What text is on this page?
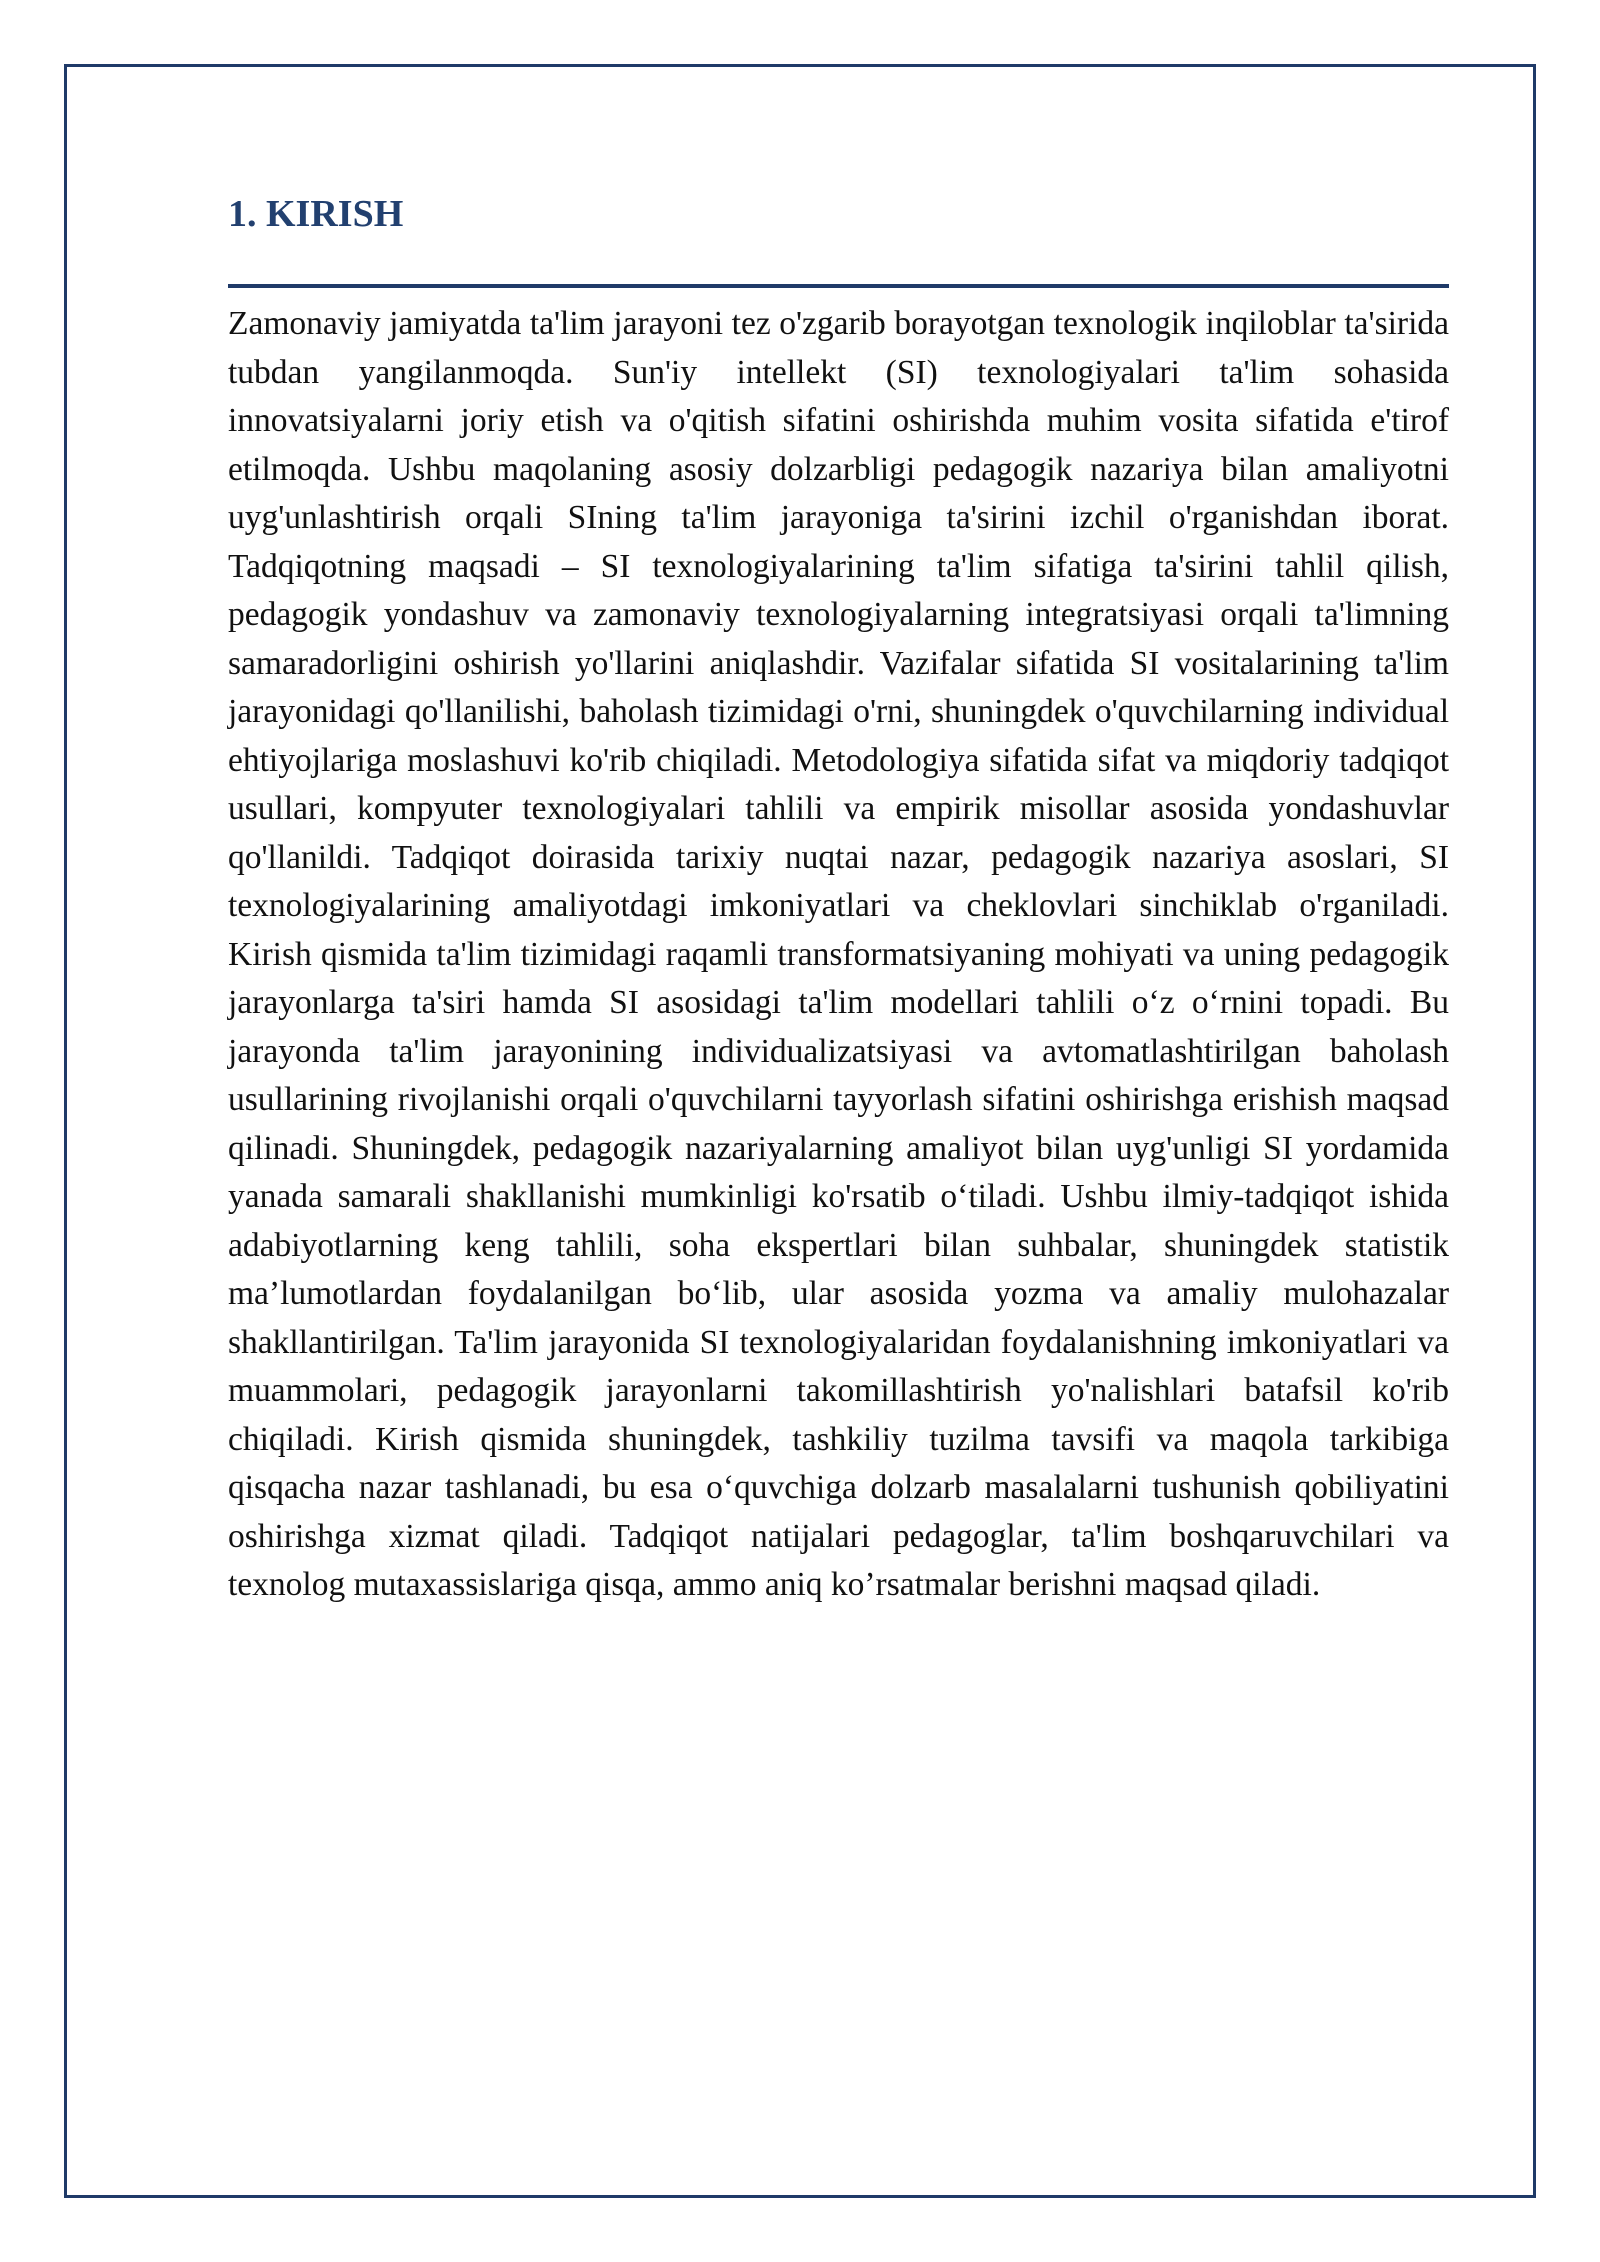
1. KIRISH

Zamonaviy jamiyatda ta'lim jarayoni tez o'zgarib borayotgan texnologik inqiloblar ta'sirida tubdan yangilanmoqda. Sun'iy intellekt (SI) texnologiyalari ta'lim sohasida innovatsiyalarni joriy etish va o'qitish sifatini oshirishda muhim vosita sifatida e'tirof etilmoqda. Ushbu maqolaning asosiy dolzarbligi pedagogik nazariya bilan amaliyotni uyg'unlashtirish orqali SIning ta'lim jarayoniga ta'sirini izchil o'rganishdan iborat. Tadqiqotning maqsadi – SI texnologiyalarining ta'lim sifatiga ta'sirini tahlil qilish, pedagogik yondashuv va zamonaviy texnologiyalarning integratsiyasi orqali ta'limning samaradorligini oshirish yo'llarini aniqlashdir. Vazifalar sifatida SI vositalarining ta'lim jarayonidagi qo'llanilishi, baholash tizimidagi o'rni, shuningdek o'quvchilarning individual ehtiyojlariga moslashuvi ko'rib chiqiladi. Metodologiya sifatida sifat va miqdoriy tadqiqot usullari, kompyuter texnologiyalari tahlili va empirik misollar asosida yondashuvlar qo'llanildi. Tadqiqot doirasida tarixiy nuqtai nazar, pedagogik nazariya asoslari, SI texnologiyalarining amaliyotdagi imkoniyatlari va cheklovlari sinchiklab o'rganiladi. Kirish qismida ta'lim tizimidagi raqamli transformatsiyaning mohiyati va uning pedagogik jarayonlarga ta'siri hamda SI asosidagi ta'lim modellari tahlili o‘z o‘rnini topadi. Bu jarayonda ta'lim jarayonining individualizatsiyasi va avtomatlashtirilgan baholash usullarining rivojlanishi orqali o'quvchilarni tayyorlash sifatini oshirishga erishish maqsad qilinadi. Shuningdek, pedagogik nazariyalarning amaliyot bilan uyg'unligi SI yordamida yanada samarali shakllanishi mumkinligi ko'rsatib o‘tiladi. Ushbu ilmiy-tadqiqot ishida adabiyotlarning keng tahlili, soha ekspertlari bilan suhbalar, shuningdek statistik ma’lumotlardan foydalanilgan bo‘lib, ular asosida yozma va amaliy mulohazalar shakllantirilgan. Ta'lim jarayonida SI texnologiyalaridan foydalanishning imkoniyatlari va muammolari, pedagogik jarayonlarni takomillashtirish yo'nalishlari batafsil ko'rib chiqiladi. Kirish qismida shuningdek, tashkiliy tuzilma tavsifi va maqola tarkibiga qisqacha nazar tashlanadi, bu esa o‘quvchiga dolzarb masalalarni tushunish qobiliyatini oshirishga xizmat qiladi. Tadqiqot natijalari pedagoglar, ta'lim boshqaruvchilari va texnolog mutaxassislariga qisqa, ammo aniq ko’rsatmalar berishni maqsad qiladi.
